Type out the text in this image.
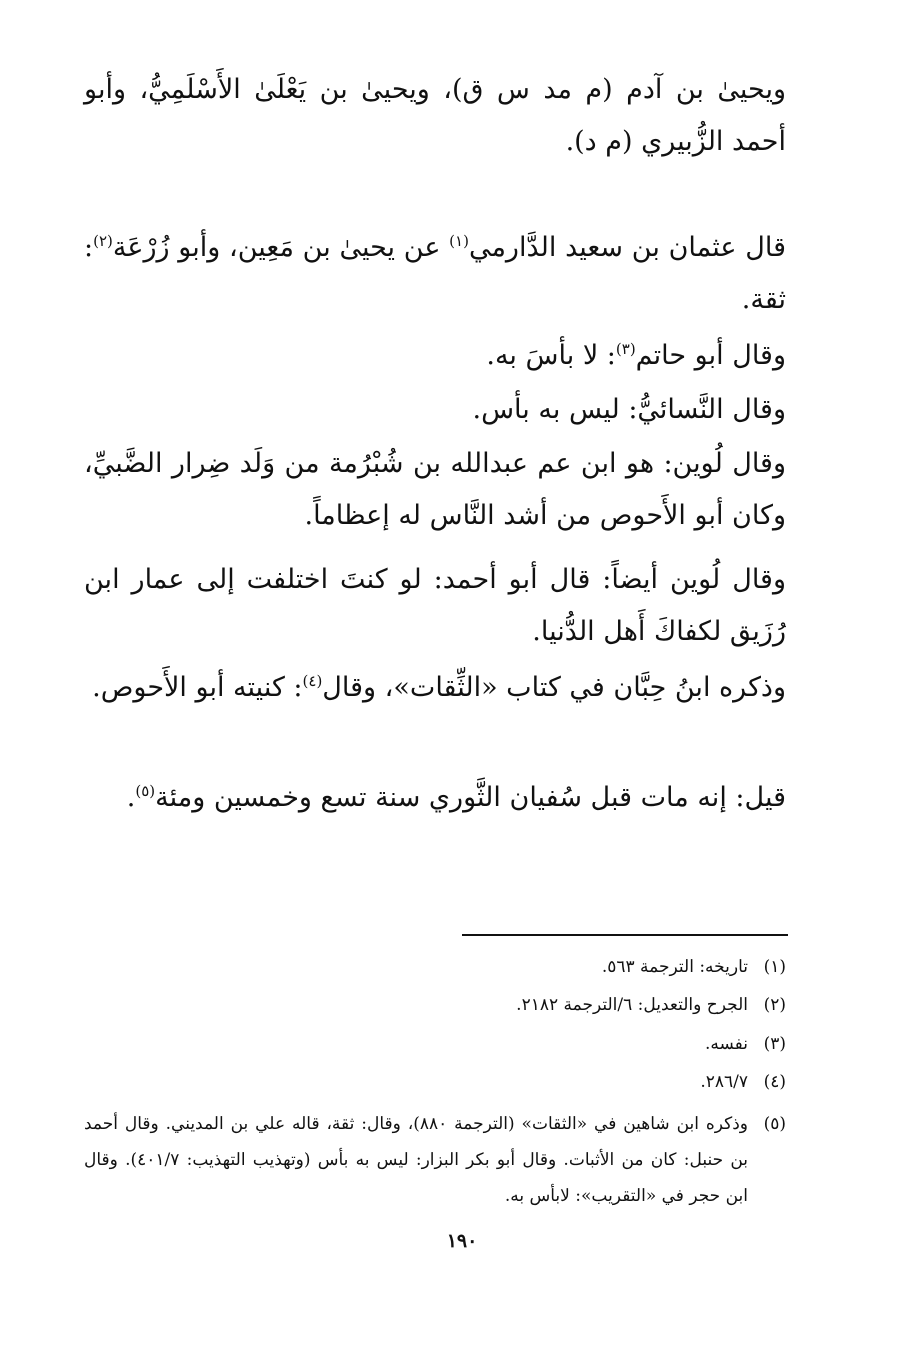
ويحيىٰ بن آدم (م مد س ق)، ويحيىٰ بن يَعْلَىٰ الأَسْلَمِيُّ، وأبو أحمد الزُّبيري (م د).

قال عثمان بن سعيد الدَّارمي$^{(١)}$ عن يحيىٰ بن مَعِين، وأبو زُرْعَة$^{(٢)}$: ثقة.

وقال أبو حاتم$^{(٣)}$: لا بأسَ به.

وقال النَّسائيُّ: ليس به بأس.

وقال لُوين: هو ابن عم عبدالله بن شُبْرُمة من وَلَد ضِرار الضَّبيِّ، وكان أبو الأَحوص من أشد النَّاس له إعظاماً.

وقال لُوين أيضاً: قال أبو أحمد: لو كنتَ اختلفت إلى عمار ابن رُزَيق لكفاكَ أَهل الدُّنيا.

وذكره ابنُ حِبَّان في كتاب «الثِّقات»، وقال$^{(٤)}$: كنيته أبو الأَحوص.

قيل: إنه مات قبل سُفيان الثَّوري سنة تسع وخمسين ومئة$^{(٥)}$.

(١)
تاريخه: الترجمة ٥٦٣.
(٢)
الجرح والتعديل: ٦/الترجمة ٢١٨٢.
(٣)
نفسه.
(٤)
٢٨٦/٧.
(٥)
وذكره ابن شاهين في «الثقات» (الترجمة ٨٨٠)، وقال: ثقة، قاله علي بن المديني. وقال أحمد بن حنبل: كان من الأثبات. وقال أبو بكر البزار: ليس به بأس (وتهذيب التهذيب: ٤٠١/٧). وقال ابن حجر في «التقريب»: لابأس به.
١٩٠
